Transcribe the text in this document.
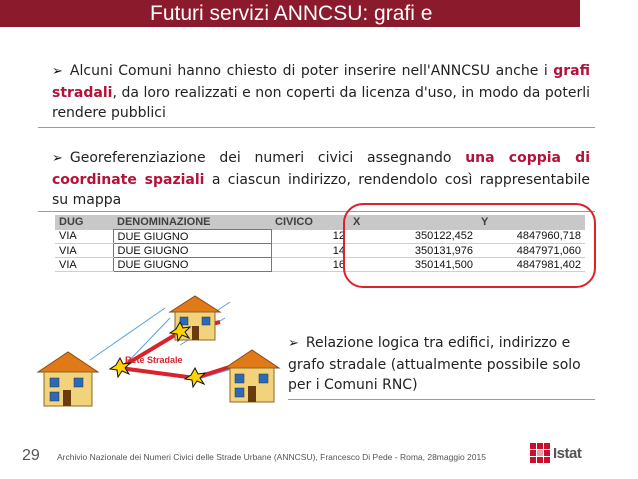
Futuri servizi ANNCSU: grafi e
➢ Alcuni Comuni hanno chiesto di poter inserire nell'ANNCSU anche i grafi stradali, da loro realizzati e non coperti da licenza d'uso, in modo da poterli rendere pubblici
➢ Georeferenziazione dei numeri civici assegnando una coppia di coordinate spaziali a ciascun indirizzo, rendendolo così rappresentabile su mappa
DUG	DENOMINAZIONE	CIVICO	X	Y
VIA	DUE GIUGNO	12	350122,452	4847960,718
VIA	DUE GIUGNO	14	350131,976	4847971,060
VIA	DUE GIUGNO	16	350141,500	4847981,402
Rete Stradale
➢ Relazione logica tra edifici, indirizzo e grafo stradale (attualmente possibile solo per i Comuni RNC)
29 Archivio Nazionale dei Numeri Civici delle Strade Urbane (ANNCSU), Francesco Di Pede - Roma, 28maggio 2015	Istat
